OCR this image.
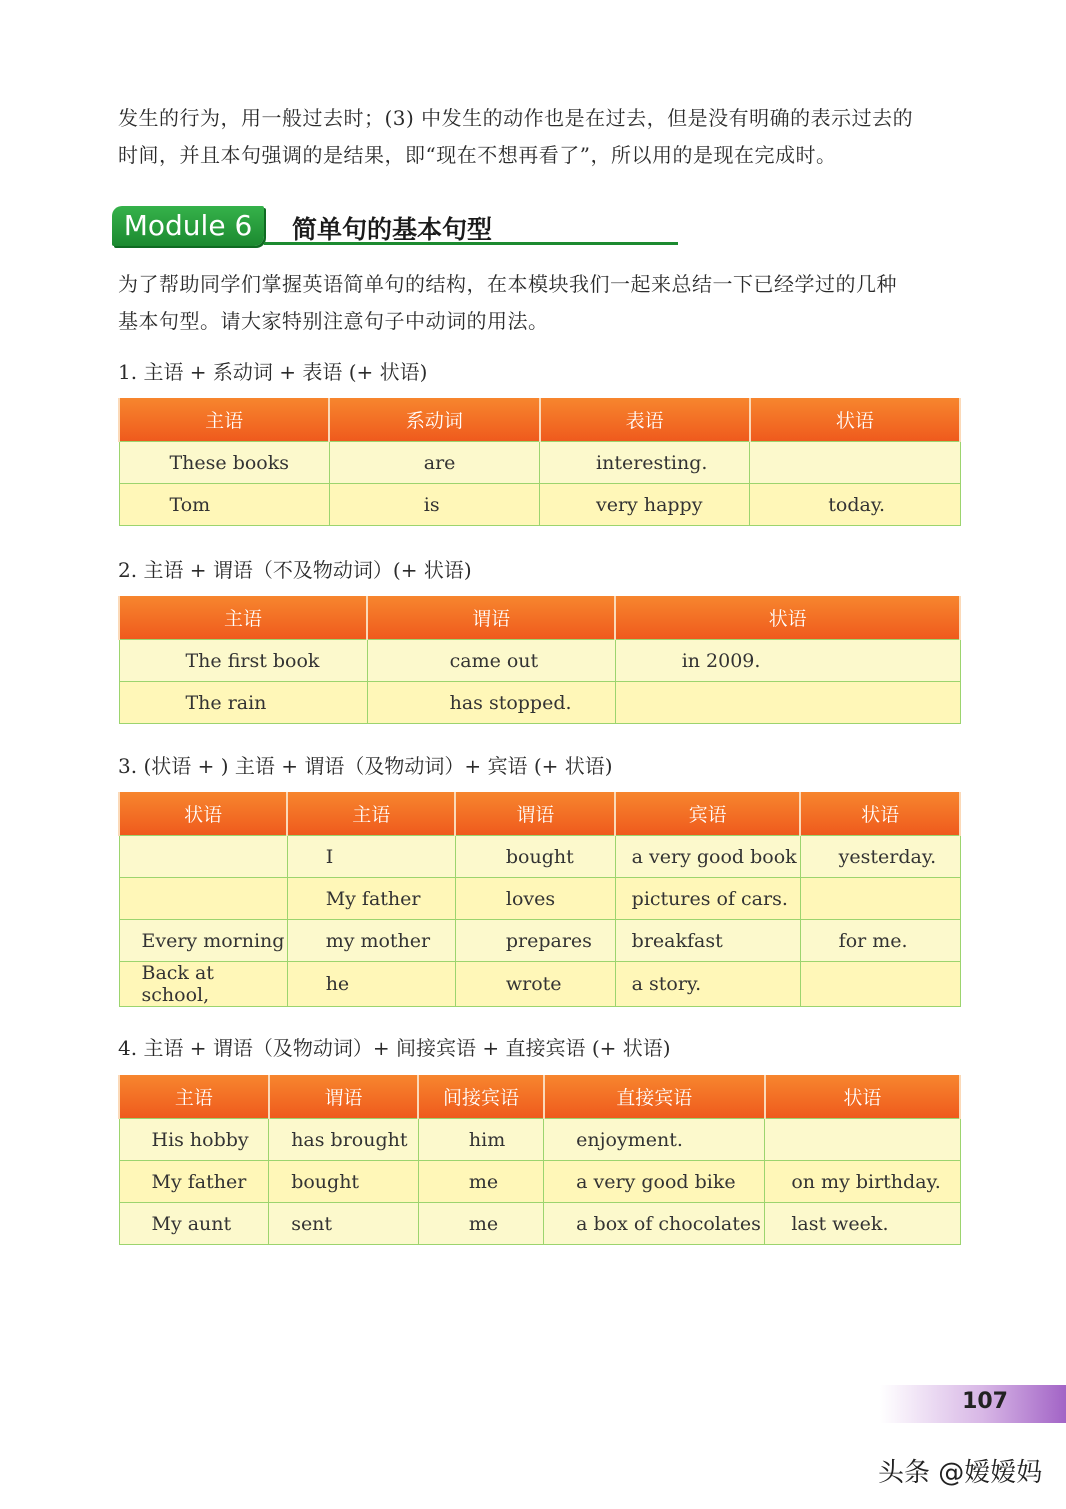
发生的行为，用一般过去时；(3) 中发生的动作也是在过去，但是没有明确的表示过去的

时间，并且本句强调的是结果，即“现在不想再看了”，所以用的是现在完成时。

Module 6	简单句的基本句型

为了帮助同学们掌握英语简单句的结构，在本模块我们一起来总结一下已经学过的几种

基本句型。请大家特别注意句子中动词的用法。

1. 主语 + 系动词 + 表语 (+ 状语)

主语	系动词	表语	状语
These books	are	interesting.	
Tom	is	very happy	today.

2. 主语 + 谓语（不及物动词）(+ 状语)

主语	谓语	状语
The first book	came out	in 2009.
The rain	has stopped.	

3. (状语 + ) 主语 + 谓语（及物动词）+ 宾语 (+ 状语)

状语	主语	谓语	宾语	状语
	I	bought	a very good book	yesterday.
	My father	loves	pictures of cars.	
Every morning	my mother	prepares	breakfast	for me.
Back at school,	he	wrote	a story.	

4. 主语 + 谓语（及物动词）+ 间接宾语 + 直接宾语 (+ 状语)

主语	谓语	间接宾语	直接宾语	状语
His hobby	has brought	him	enjoyment.	
My father	bought	me	a very good bike	on my birthday.
My aunt	sent	me	a box of chocolates	last week.
107
头条 @嫒嫒妈
